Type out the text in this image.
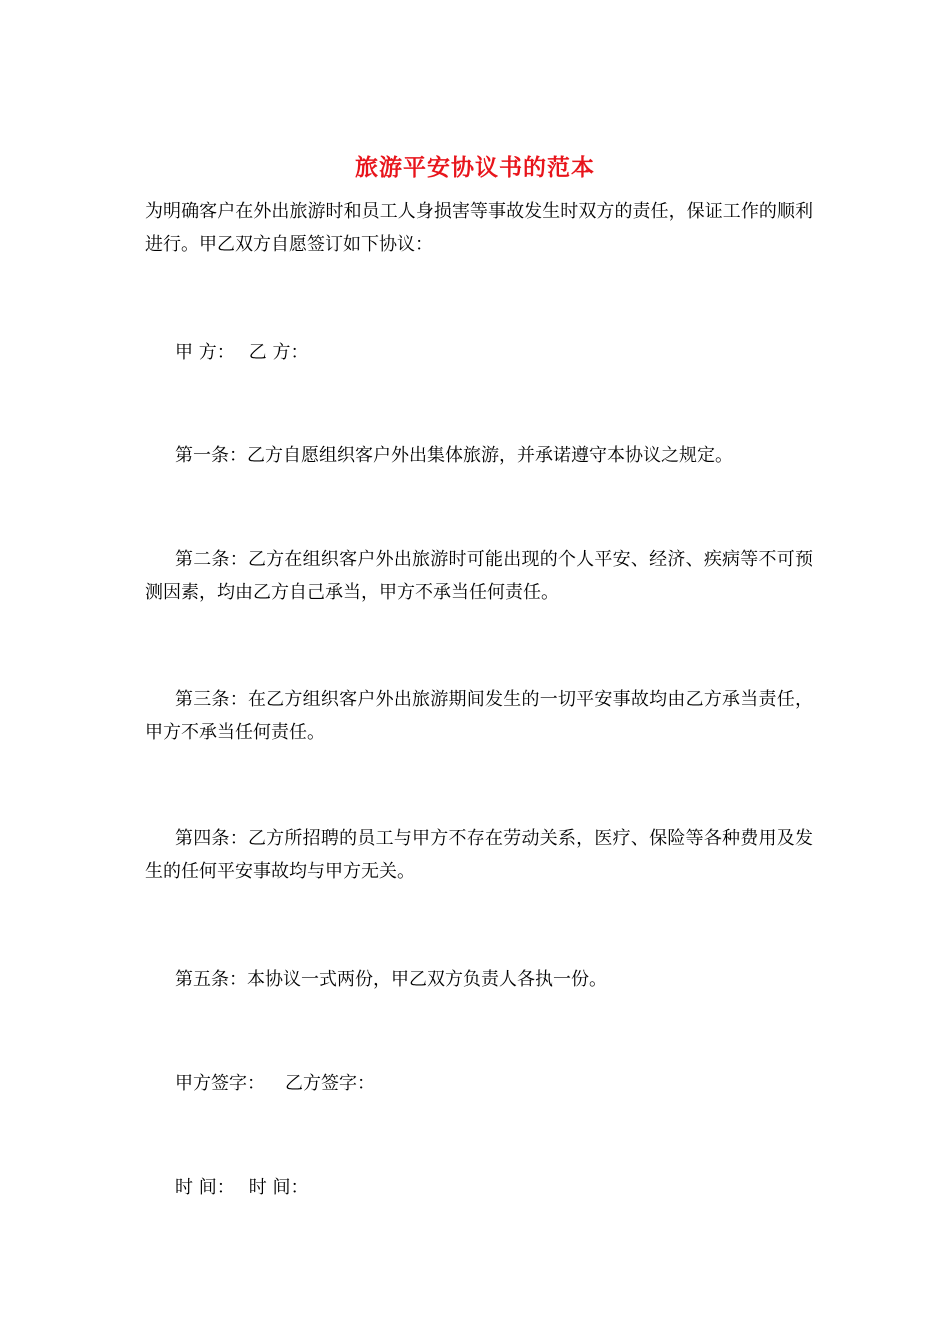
旅游平安协议书的范本

为明确客户在外出旅游时和员工人身损害等事故发生时双方的责任，保证工作的顺利进行。甲乙双方自愿签订如下协议：

甲 方： 乙 方：

第一条：乙方自愿组织客户外出集体旅游，并承诺遵守本协议之规定。

第二条：乙方在组织客户外出旅游时可能出现的个人平安、经济、疾病等不可预测因素，均由乙方自己承当，甲方不承当任何责任。

第三条：在乙方组织客户外出旅游期间发生的一切平安事故均由乙方承当责任，甲方不承当任何责任。

第四条：乙方所招聘的员工与甲方不存在劳动关系，医疗、保险等各种费用及发生的任何平安事故均与甲方无关。

第五条：本协议一式两份，甲乙双方负责人各执一份。

甲方签字： 乙方签字：

时 间： 时 间：
